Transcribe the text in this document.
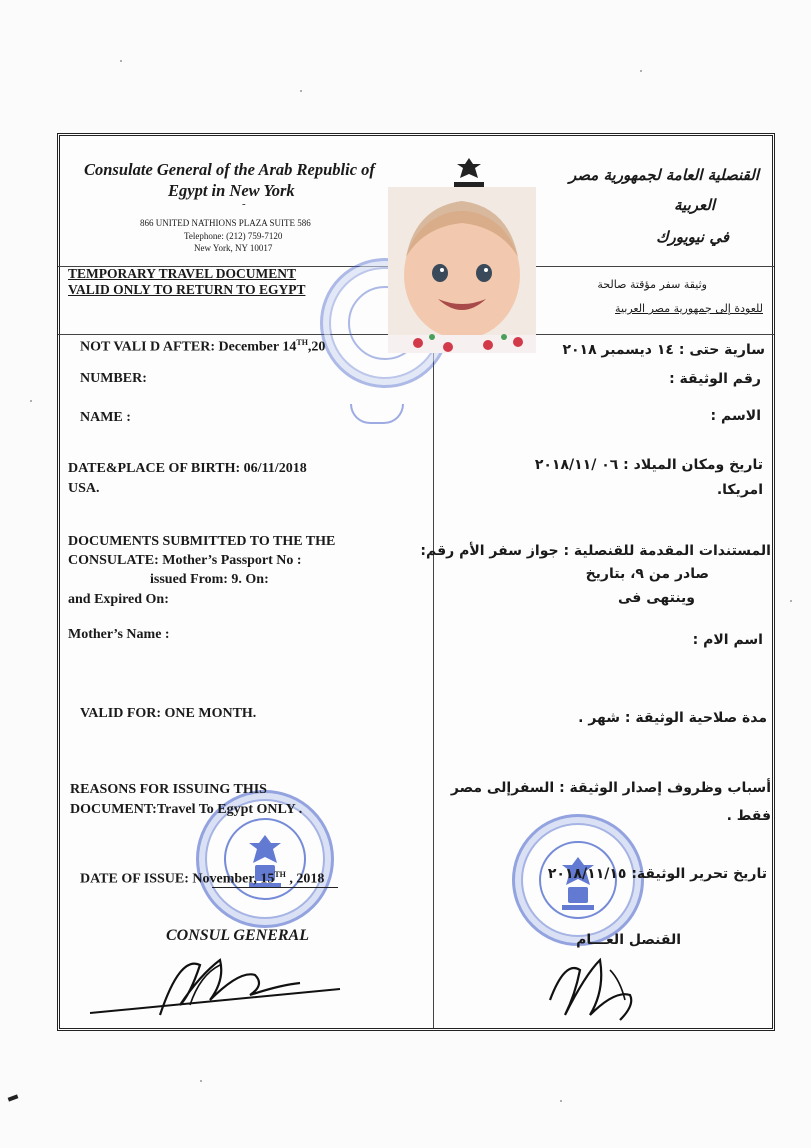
Consulate General of the Arab Republic of
Egypt in New York
-
866 UNITED NATHIONS PLAZA SUITE 586
Telephone: (212) 759-7120
New York, NY 10017
القنصلية العامة لجمهورية مصر
العربية
في نيويورك
TEMPORARY TRAVEL DOCUMENT
VALID ONLY TO RETURN TO EGYPT	وثيقة سفر مؤقتة صالحة
للعودة إلى جمهورية مصر العربية
NOT VALI D AFTER: December 14TH,20	سارية حتى : ١٤ ديسمبر ٢٠١٨
NUMBER:	رقم الوثيقة :
NAME :	الاسم :
DATE&PLACE OF BIRTH: 06/11/2018
USA.
تاريخ ومكان الميلاد : ٠٦ /٢٠١٨/١١
امريكا.
DOCUMENTS SUBMITTED TO THE THE
CONSULATE: Mother’s Passport No :
issued From: 9. On:
and Expired On:
المستندات المقدمة للقنصلية : جواز سفر الأم رقم:
صادر من ٩، بتاريخ
وينتهى فى
Mother’s Name :	اسم الام :
VALID FOR: ONE MONTH.	مدة صلاحية الوثيقة : شهر .
REASONS FOR ISSUING THIS
DOCUMENT:Travel To Egypt ONLY .
أسباب وظروف إصدار الوثيقة : السفرإلى مصر
فقط .
DATE OF ISSUE: November, 15TH , 2018	تاريخ تحرير الوثيقة: ٢٠١٨/١١/١٥
CONSUL GENERAL	القنصل العـــام
